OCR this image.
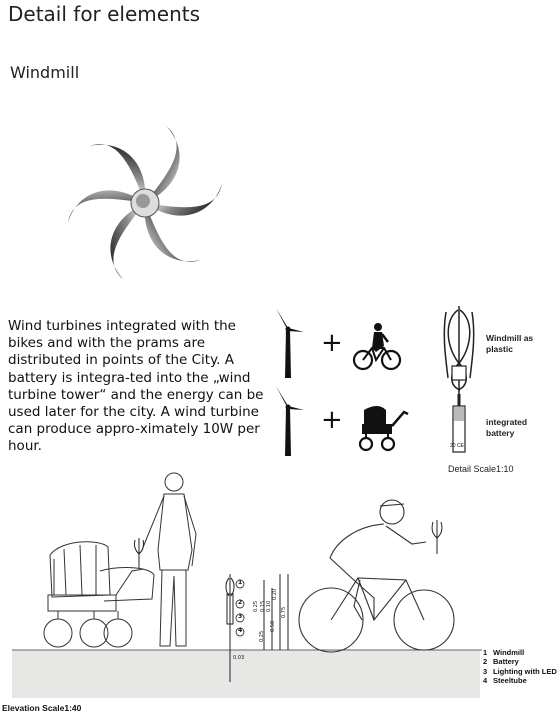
Detail for elements
Windmill
Wind turbines integrated with the bikes and with the prams are distributed in points of the City. A battery is integra-ted into the „wind turbine tower“ and the energy can be used later for the city. A wind turbine can produce appro-ximately 10W per hour.
+
+
20 CE
Windmill as plastic
integrated battery
Detail Scale1:10
1
2
3
4
0.25 0.15 0.10
0.20
0.50
0.75
0.03
0.25
1 Windmill
2 Battery
3 Lighting with LED
4 Steeltube
Elevation Scale1:40
